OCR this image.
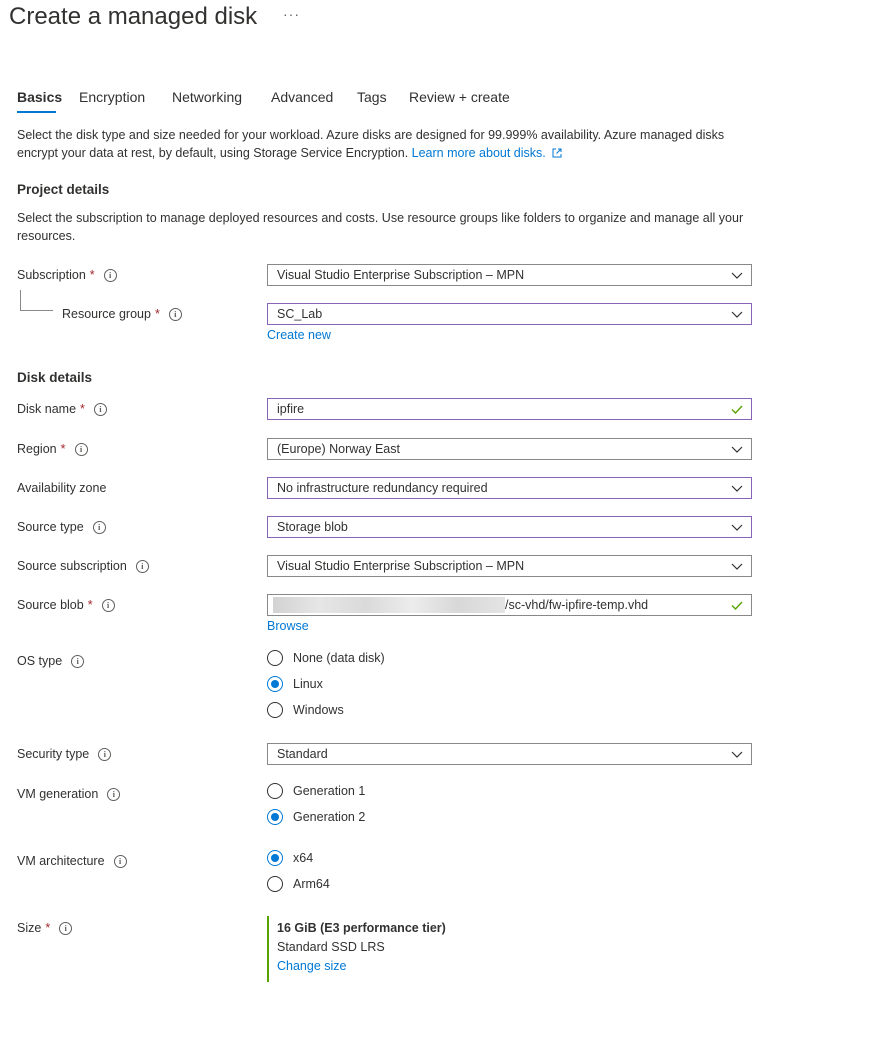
Create a managed disk ···
Basics Encryption Networking Advanced Tags Review + create
Select the disk type and size needed for your workload. Azure disks are designed for 99.999% availability. Azure managed disks encrypt your data at rest, by default, using Storage Service Encryption. Learn more about disks.
Project details
Select the subscription to manage deployed resources and costs. Use resource groups like folders to organize and manage all your resources.
Subscription *	i	Visual Studio Enterprise Subscription – MPN
Resource group *	i	SC_Lab
Create new
Disk details
Disk name *	i	ipfire
Region *	i	(Europe) Norway East
Availability zone	No infrastructure redundancy required
Source type	i	Storage blob
Source subscription	i	Visual Studio Enterprise Subscription – MPN
Source blob *	i	/sc-vhd/fw-ipfire-temp.vhd
Browse
OS type	i	None (data disk)
Linux
Windows
Security type	i	Standard
VM generation	i	Generation 1
Generation 2
VM architecture	i	x64
Arm64
Size *	i	16 GiB (E3 performance tier)
Standard SSD LRS
Change size
